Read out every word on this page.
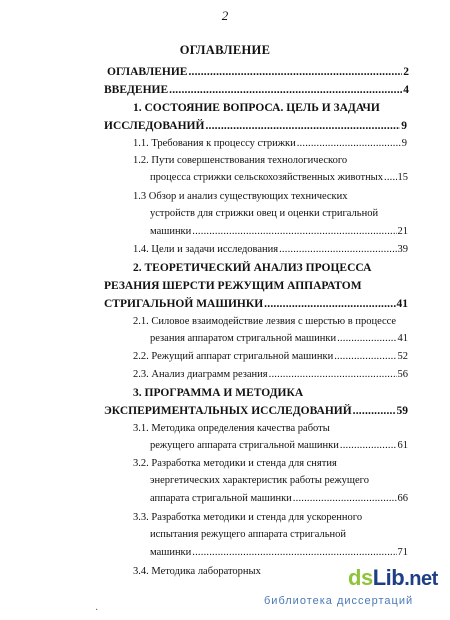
2
ОГЛАВЛЕНИЕ
ОГЛАВЛЕНИЕ .....	2
ВВЕДЕНИЕ .....	4
1. СОСТОЯНИЕ ВОПРОСА. ЦЕЛЬ И ЗАДАЧИ
ИССЛЕДОВАНИЙ .....	9
1.1. Требования к процессу стрижки .....	9
1.2. Пути совершенствования технологического
процесса стрижки сельскохозяйственных животных ..... 15
1.3 Обзор и анализ существующих технических
устройств для стрижки овец и оценки стригальной
машинки .....	21
1.4. Цели и задачи исследования .....	39
2. ТЕОРЕТИЧЕСКИЙ АНАЛИЗ ПРОЦЕССА
РЕЗАНИЯ ШЕРСТИ РЕЖУЩИМ АППАРАТОМ
СТРИГАЛЬНОЙ МАШИНКИ .....	41
2.1. Силовое взаимодействие лезвия с шерстью в процессе
резания аппаратом стригальной машинки .....	41
2.2. Режущий аппарат стригальной машинки .....	52
2.3. Анализ диаграмм резания .....	56
3. ПРОГРАММА И МЕТОДИКА
ЭКСПЕРИМЕНТАЛЬНЫХ ИССЛЕДОВАНИЙ .....	59
3.1. Методика определения качества работы
режущего аппарата стригальной машинки .....	61
3.2. Разработка методики и стенда для снятия
энергетических характеристик работы режущего
аппарата стригальной машинки .....	66
3.3. Разработка методики и стенда для ускоренного
испытания режущего аппарата стригальной
машинки .....	71
3.4. Методика лабораторных	dsLib.net
библиотека диссертаций
·
